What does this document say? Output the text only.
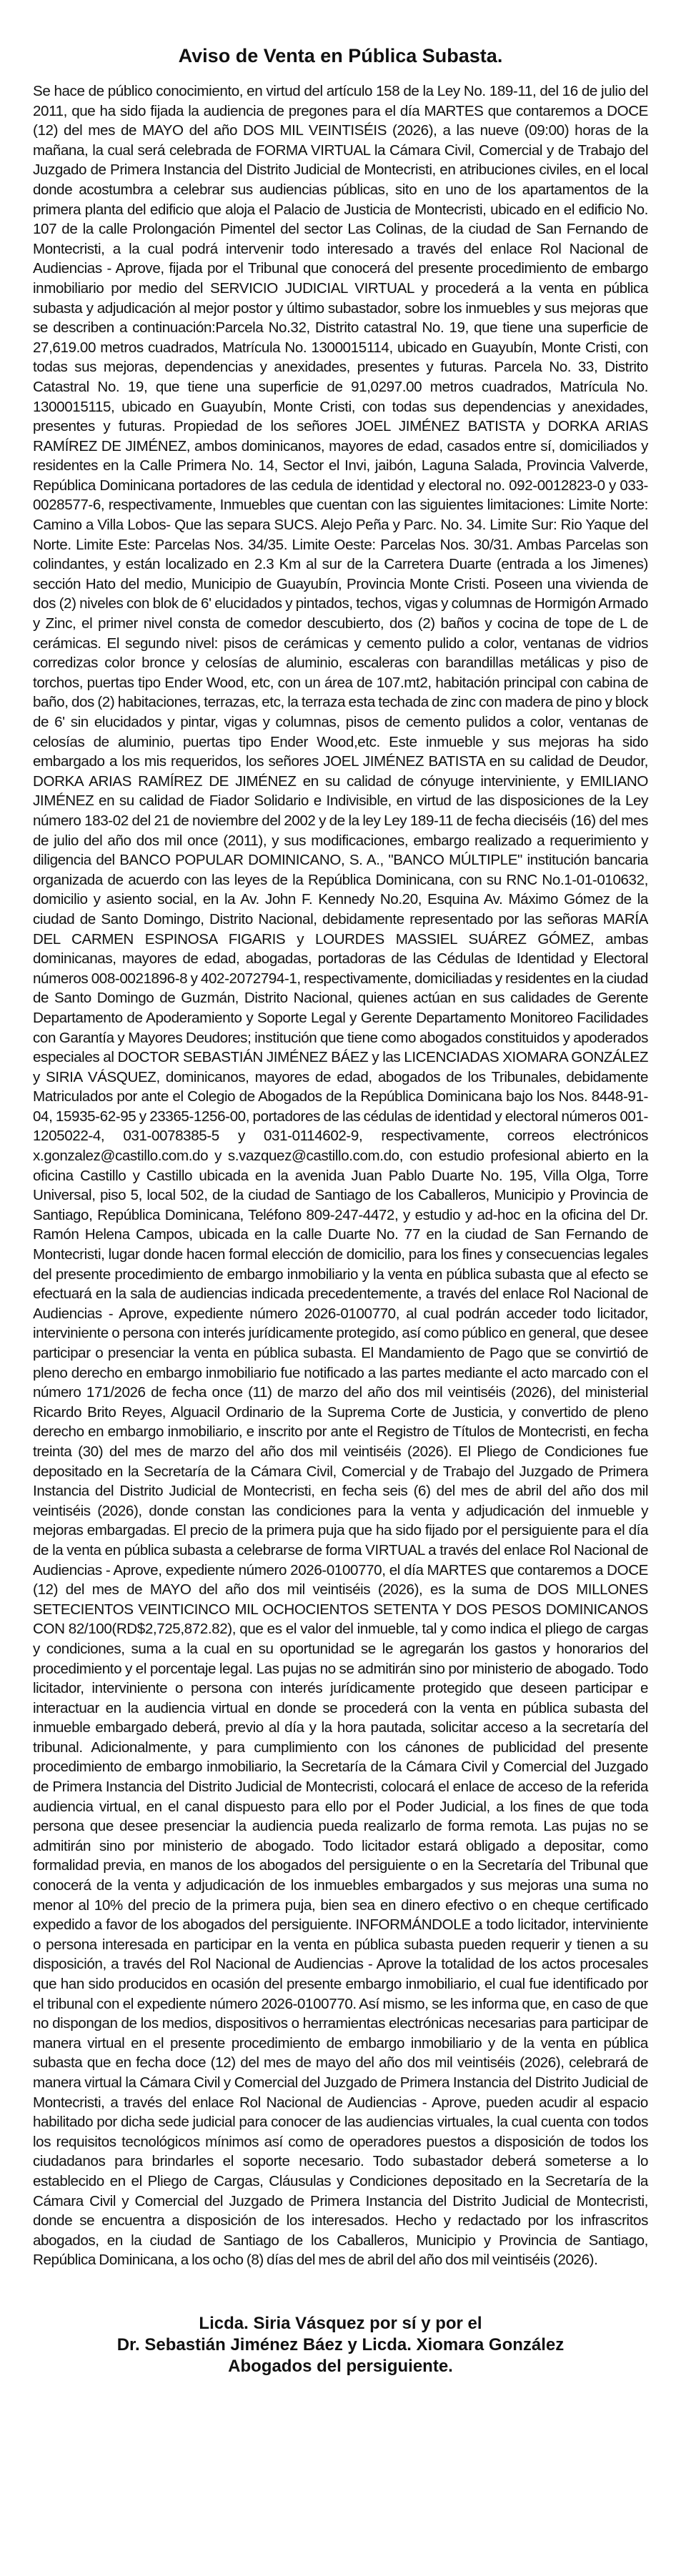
Aviso de Venta en Pública Subasta.

Se hace de público conocimiento, en virtud del artículo 158 de la Ley No. 189-11, del 16 de julio del 2011, que ha sido fijada la audiencia de pregones para el día MARTES que contaremos a DOCE (12) del mes de MAYO del año DOS MIL VEINTISÉIS (2026), a las nueve (09:00) horas de la mañana, la cual será celebrada de FORMA VIRTUAL la Cámara Civil, Comercial y de Trabajo del Juzgado de Primera Instancia del Distrito Judicial de Montecristi, en atribuciones civiles, en el local donde acostumbra a celebrar sus audiencias públicas, sito en uno de los apartamentos de la primera planta del edificio que aloja el Palacio de Justicia de Montecristi, ubicado en el edificio No. 107 de la calle Prolongación Pimentel del sector Las Colinas, de la ciudad de San Fernando de Montecristi, a la cual podrá intervenir todo interesado a través del enlace Rol Nacional de Audiencias - Aprove, fijada por el Tribunal que conocerá del presente procedimiento de embargo inmobiliario por medio del SERVICIO JUDICIAL VIRTUAL y procederá a la venta en pública subasta y adjudicación al mejor postor y último subastador, sobre los inmuebles y sus mejoras que se describen a continuación:Parcela No.32, Distrito catastral No. 19, que tiene una superficie de 27,619.00 metros cuadrados, Matrícula No. 1300015114, ubicado en Guayubín, Monte Cristi, con todas sus mejoras, dependencias y anexidades, presentes y futuras. Parcela No. 33, Distrito Catastral No. 19, que tiene una superficie de 91,0297.00 metros cuadrados, Matrícula No. 1300015115, ubicado en Guayubín, Monte Cristi, con todas sus dependencias y anexidades, presentes y futuras. Propiedad de los señores JOEL JIMÉNEZ BATISTA y DORKA ARIAS RAMÍREZ DE JIMÉNEZ, ambos dominicanos, mayores de edad, casados entre sí, domiciliados y residentes en la Calle Primera No. 14, Sector el Invi, jaibón, Laguna Salada, Provincia Valverde, República Dominicana portadores de las cedula de identidad y electoral no. 092-0012823-0 y 033-0028577-6, respectivamente, Inmuebles que cuentan con las siguientes limitaciones: Limite Norte: Camino a Villa Lobos- Que las separa SUCS. Alejo Peña y Parc. No. 34. Limite Sur: Rio Yaque del Norte. Limite Este: Parcelas Nos. 34/35. Limite Oeste: Parcelas Nos. 30/31. Ambas Parcelas son colindantes, y están localizado en 2.3 Km al sur de la Carretera Duarte (entrada a los Jimenes) sección Hato del medio, Municipio de Guayubín, Provincia Monte Cristi. Poseen una vivienda de dos (2) niveles con blok de 6' elucidados y pintados, techos, vigas y columnas de Hormigón Armado y Zinc, el primer nivel consta de comedor descubierto, dos (2) baños y cocina de tope de L de cerámicas. El segundo nivel: pisos de cerámicas y cemento pulido a color, ventanas de vidrios corredizas color bronce y celosías de aluminio, escaleras con barandillas metálicas y piso de torchos, puertas tipo Ender Wood, etc, con un área de 107.mt2, habitación principal con cabina de baño, dos (2) habitaciones, terrazas, etc, la terraza esta techada de zinc con madera de pino y block de 6' sin elucidados y pintar, vigas y columnas, pisos de cemento pulidos a color, ventanas de celosías de aluminio, puertas tipo Ender Wood,etc. Este inmueble y sus mejoras ha sido embargado a los mis requeridos, los señores JOEL JIMÉNEZ BATISTA en su calidad de Deudor, DORKA ARIAS RAMÍREZ DE JIMÉNEZ en su calidad de cónyuge interviniente, y EMILIANO JIMÉNEZ en su calidad de Fiador Solidario e Indivisible, en virtud de las disposiciones de la Ley número 183-02 del 21 de noviembre del 2002 y de la ley Ley 189-11 de fecha dieciséis (16) del mes de julio del año dos mil once (2011), y sus modificaciones, embargo realizado a requerimiento y diligencia del BANCO POPULAR DOMINICANO, S. A., "BANCO MÚLTIPLE" institución bancaria organizada de acuerdo con las leyes de la República Dominicana, con su RNC No.1-01-010632, domicilio y asiento social, en la Av. John F. Kennedy No.20, Esquina Av. Máximo Gómez de la ciudad de Santo Domingo, Distrito Nacional, debidamente representado por las señoras MARÍA DEL CARMEN ESPINOSA FIGARIS y LOURDES MASSIEL SUÁREZ GÓMEZ, ambas dominicanas, mayores de edad, abogadas, portadoras de las Cédulas de Identidad y Electoral números 008-0021896-8 y 402-2072794-1, respectivamente, domiciliadas y residentes en la ciudad de Santo Domingo de Guzmán, Distrito Nacional, quienes actúan en sus calidades de Gerente Departamento de Apoderamiento y Soporte Legal y Gerente Departamento Monitoreo Facilidades con Garantía y Mayores Deudores; institución que tiene como abogados constituidos y apoderados especiales al DOCTOR SEBASTIÁN JIMÉNEZ BÁEZ y las LICENCIADAS XIOMARA GONZÁLEZ y SIRIA VÁSQUEZ, dominicanos, mayores de edad, abogados de los Tribunales, debidamente Matriculados por ante el Colegio de Abogados de la República Dominicana bajo los Nos. 8448-91-04, 15935-62-95 y 23365-1256-00, portadores de las cédulas de identidad y electoral números 001-1205022-4, 031-0078385-5 y 031-0114602-9, respectivamente, correos electrónicos x.gonzalez@castillo.com.do y s.vazquez@castillo.com.do, con estudio profesional abierto en la oficina Castillo y Castillo ubicada en la avenida Juan Pablo Duarte No. 195, Villa Olga, Torre Universal, piso 5, local 502, de la ciudad de Santiago de los Caballeros, Municipio y Provincia de Santiago, República Dominicana, Teléfono 809-247-4472, y estudio y ad-hoc en la oficina del Dr. Ramón Helena Campos, ubicada en la calle Duarte No. 77 en la ciudad de San Fernando de Montecristi, lugar donde hacen formal elección de domicilio, para los fines y consecuencias legales del presente procedimiento de embargo inmobiliario y la venta en pública subasta que al efecto se efectuará en la sala de audiencias indicada precedentemente, a través del enlace Rol Nacional de Audiencias - Aprove, expediente número 2026-0100770, al cual podrán acceder todo licitador, interviniente o persona con interés jurídicamente protegido, así como público en general, que desee participar o presenciar la venta en pública subasta. El Mandamiento de Pago que se convirtió de pleno derecho en embargo inmobiliario fue notificado a las partes mediante el acto marcado con el número 171/2026 de fecha once (11) de marzo del año dos mil veintiséis (2026), del ministerial Ricardo Brito Reyes, Alguacil Ordinario de la Suprema Corte de Justicia, y convertido de pleno derecho en embargo inmobiliario, e inscrito por ante el Registro de Títulos de Montecristi, en fecha treinta (30) del mes de marzo del año dos mil veintiséis (2026). El Pliego de Condiciones fue depositado en la Secretaría de la Cámara Civil, Comercial y de Trabajo del Juzgado de Primera Instancia del Distrito Judicial de Montecristi, en fecha seis (6) del mes de abril del año dos mil veintiséis (2026), donde constan las condiciones para la venta y adjudicación del inmueble y mejoras embargadas. El precio de la primera puja que ha sido fijado por el persiguiente para el día de la venta en pública subasta a celebrarse de forma VIRTUAL a través del enlace Rol Nacional de Audiencias - Aprove, expediente número 2026-0100770, el día MARTES que contaremos a DOCE (12) del mes de MAYO del año dos mil veintiséis (2026), es la suma de DOS MILLONES SETECIENTOS VEINTICINCO MIL OCHOCIENTOS SETENTA Y DOS PESOS DOMINICANOS CON 82/100(RD$2,725,872.82), que es el valor del inmueble, tal y como indica el pliego de cargas y condiciones, suma a la cual en su oportunidad se le agregarán los gastos y honorarios del procedimiento y el porcentaje legal. Las pujas no se admitirán sino por ministerio de abogado. Todo licitador, interviniente o persona con interés jurídicamente protegido que deseen participar e interactuar en la audiencia virtual en donde se procederá con la venta en pública subasta del inmueble embargado deberá, previo al día y la hora pautada, solicitar acceso a la secretaría del tribunal. Adicionalmente, y para cumplimiento con los cánones de publicidad del presente procedimiento de embargo inmobiliario, la Secretaría de la Cámara Civil y Comercial del Juzgado de Primera Instancia del Distrito Judicial de Montecristi, colocará el enlace de acceso de la referida audiencia virtual, en el canal dispuesto para ello por el Poder Judicial, a los fines de que toda persona que desee presenciar la audiencia pueda realizarlo de forma remota. Las pujas no se admitirán sino por ministerio de abogado. Todo licitador estará obligado a depositar, como formalidad previa, en manos de los abogados del persiguiente o en la Secretaría del Tribunal que conocerá de la venta y adjudicación de los inmuebles embargados y sus mejoras una suma no menor al 10% del precio de la primera puja, bien sea en dinero efectivo o en cheque certificado expedido a favor de los abogados del persiguiente. INFORMÁNDOLE a todo licitador, interviniente o persona interesada en participar en la venta en pública subasta pueden requerir y tienen a su disposición, a través del Rol Nacional de Audiencias - Aprove la totalidad de los actos procesales que han sido producidos en ocasión del presente embargo inmobiliario, el cual fue identificado por el tribunal con el expediente número 2026-0100770. Así mismo, se les informa que, en caso de que no dispongan de los medios, dispositivos o herramientas electrónicas necesarias para participar de manera virtual en el presente procedimiento de embargo inmobiliario y de la venta en pública subasta que en fecha doce (12) del mes de mayo del año dos mil veintiséis (2026), celebrará de manera virtual la Cámara Civil y Comercial del Juzgado de Primera Instancia del Distrito Judicial de Montecristi, a través del enlace Rol Nacional de Audiencias - Aprove, pueden acudir al espacio habilitado por dicha sede judicial para conocer de las audiencias virtuales, la cual cuenta con todos los requisitos tecnológicos mínimos así como de operadores puestos a disposición de todos los ciudadanos para brindarles el soporte necesario. Todo subastador deberá someterse a lo establecido en el Pliego de Cargas, Cláusulas y Condiciones depositado en la Secretaría de la Cámara Civil y Comercial del Juzgado de Primera Instancia del Distrito Judicial de Montecristi, donde se encuentra a disposición de los interesados. Hecho y redactado por los infrascritos abogados, en la ciudad de Santiago de los Caballeros, Municipio y Provincia de Santiago, República Dominicana, a los ocho (8) días del mes de abril del año dos mil veintiséis (2026).

Licda. Siria Vásquez por sí y por el
Dr. Sebastián Jiménez Báez y Licda. Xiomara González
Abogados del persiguiente.
